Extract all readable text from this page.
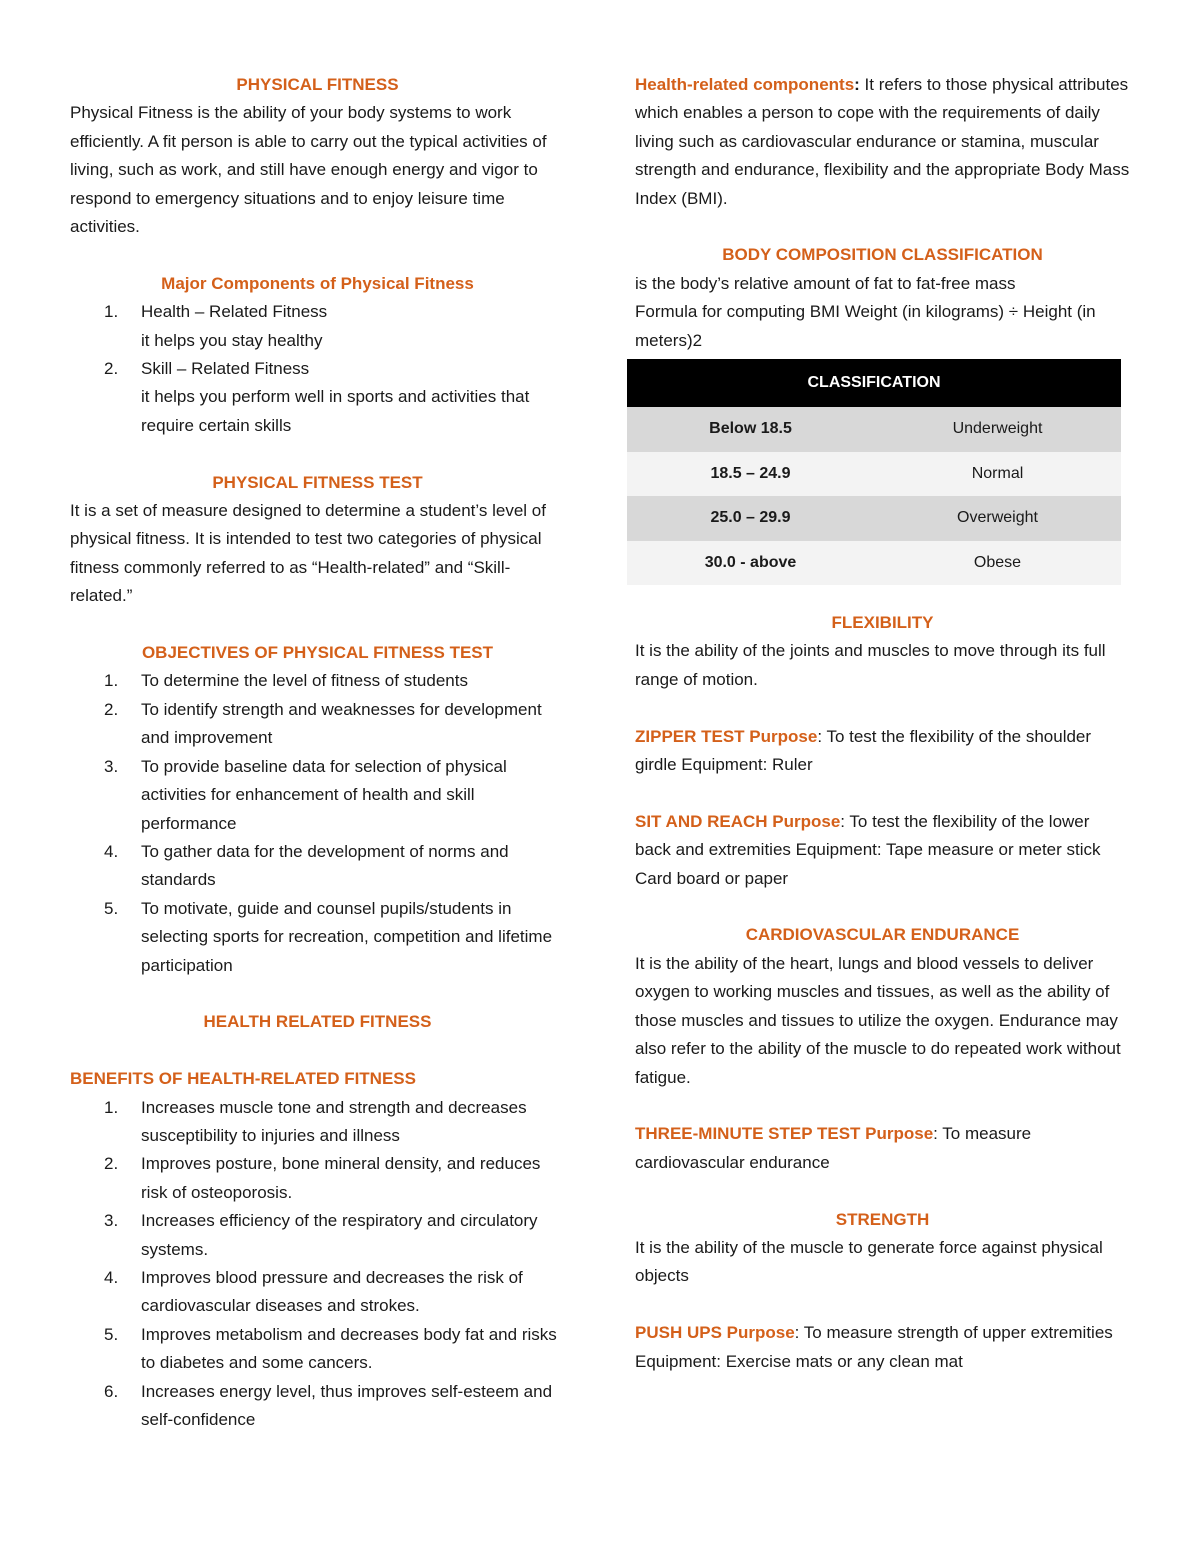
PHYSICAL FITNESS

Physical Fitness is the ability of your body systems to work efficiently. A fit person is able to carry out the typical activities of living, such as work, and still have enough energy and vigor to respond to emergency situations and to enjoy leisure time activities.

Major Components of Physical Fitness

1. Health – Related Fitness
it helps you stay healthy
2. Skill – Related Fitness
it helps you perform well in sports and activities that require certain skills

PHYSICAL FITNESS TEST

It is a set of measure designed to determine a student’s level of physical fitness. It is intended to test two categories of physical fitness commonly referred to as “Health-related” and “Skill-related.”

OBJECTIVES OF PHYSICAL FITNESS TEST

1. To determine the level of fitness of students
2. To identify strength and weaknesses for development and improvement
3. To provide baseline data for selection of physical activities for enhancement of health and skill performance
4. To gather data for the development of norms and standards
5. To motivate, guide and counsel pupils/students in selecting sports for recreation, competition and lifetime participation

HEALTH RELATED FITNESS

BENEFITS OF HEALTH-RELATED FITNESS

1. Increases muscle tone and strength and decreases susceptibility to injuries and illness
2. Improves posture, bone mineral density, and reduces risk of osteoporosis.
3. Increases efficiency of the respiratory and circulatory systems.
4. Improves blood pressure and decreases the risk of cardiovascular diseases and strokes.
5. Improves metabolism and decreases body fat and risks to diabetes and some cancers.
6. Increases energy level, thus improves self-esteem and self-confidence

Health-related components: It refers to those physical attributes which enables a person to cope with the requirements of daily living such as cardiovascular endurance or stamina, muscular strength and endurance, flexibility and the appropriate Body Mass Index (BMI).

BODY COMPOSITION CLASSIFICATION

is the body’s relative amount of fat to fat-free mass

Formula for computing BMI Weight (in kilograms) ÷ Height (in meters)2

CLASSIFICATION	
Below 18.5	Underweight
18.5 – 24.9	Normal
25.0 – 29.9	Overweight
30.0 - above	Obese

FLEXIBILITY

It is the ability of the joints and muscles to move through its full range of motion.

ZIPPER TEST Purpose: To test the flexibility of the shoulder girdle Equipment: Ruler

SIT AND REACH Purpose: To test the flexibility of the lower back and extremities Equipment: Tape measure or meter stick Card board or paper

CARDIOVASCULAR ENDURANCE

It is the ability of the heart, lungs and blood vessels to deliver oxygen to working muscles and tissues, as well as the ability of those muscles and tissues to utilize the oxygen. Endurance may also refer to the ability of the muscle to do repeated work without fatigue.

THREE-MINUTE STEP TEST Purpose: To measure cardiovascular endurance

STRENGTH

It is the ability of the muscle to generate force against physical objects

PUSH UPS Purpose: To measure strength of upper extremities Equipment: Exercise mats or any clean mat
